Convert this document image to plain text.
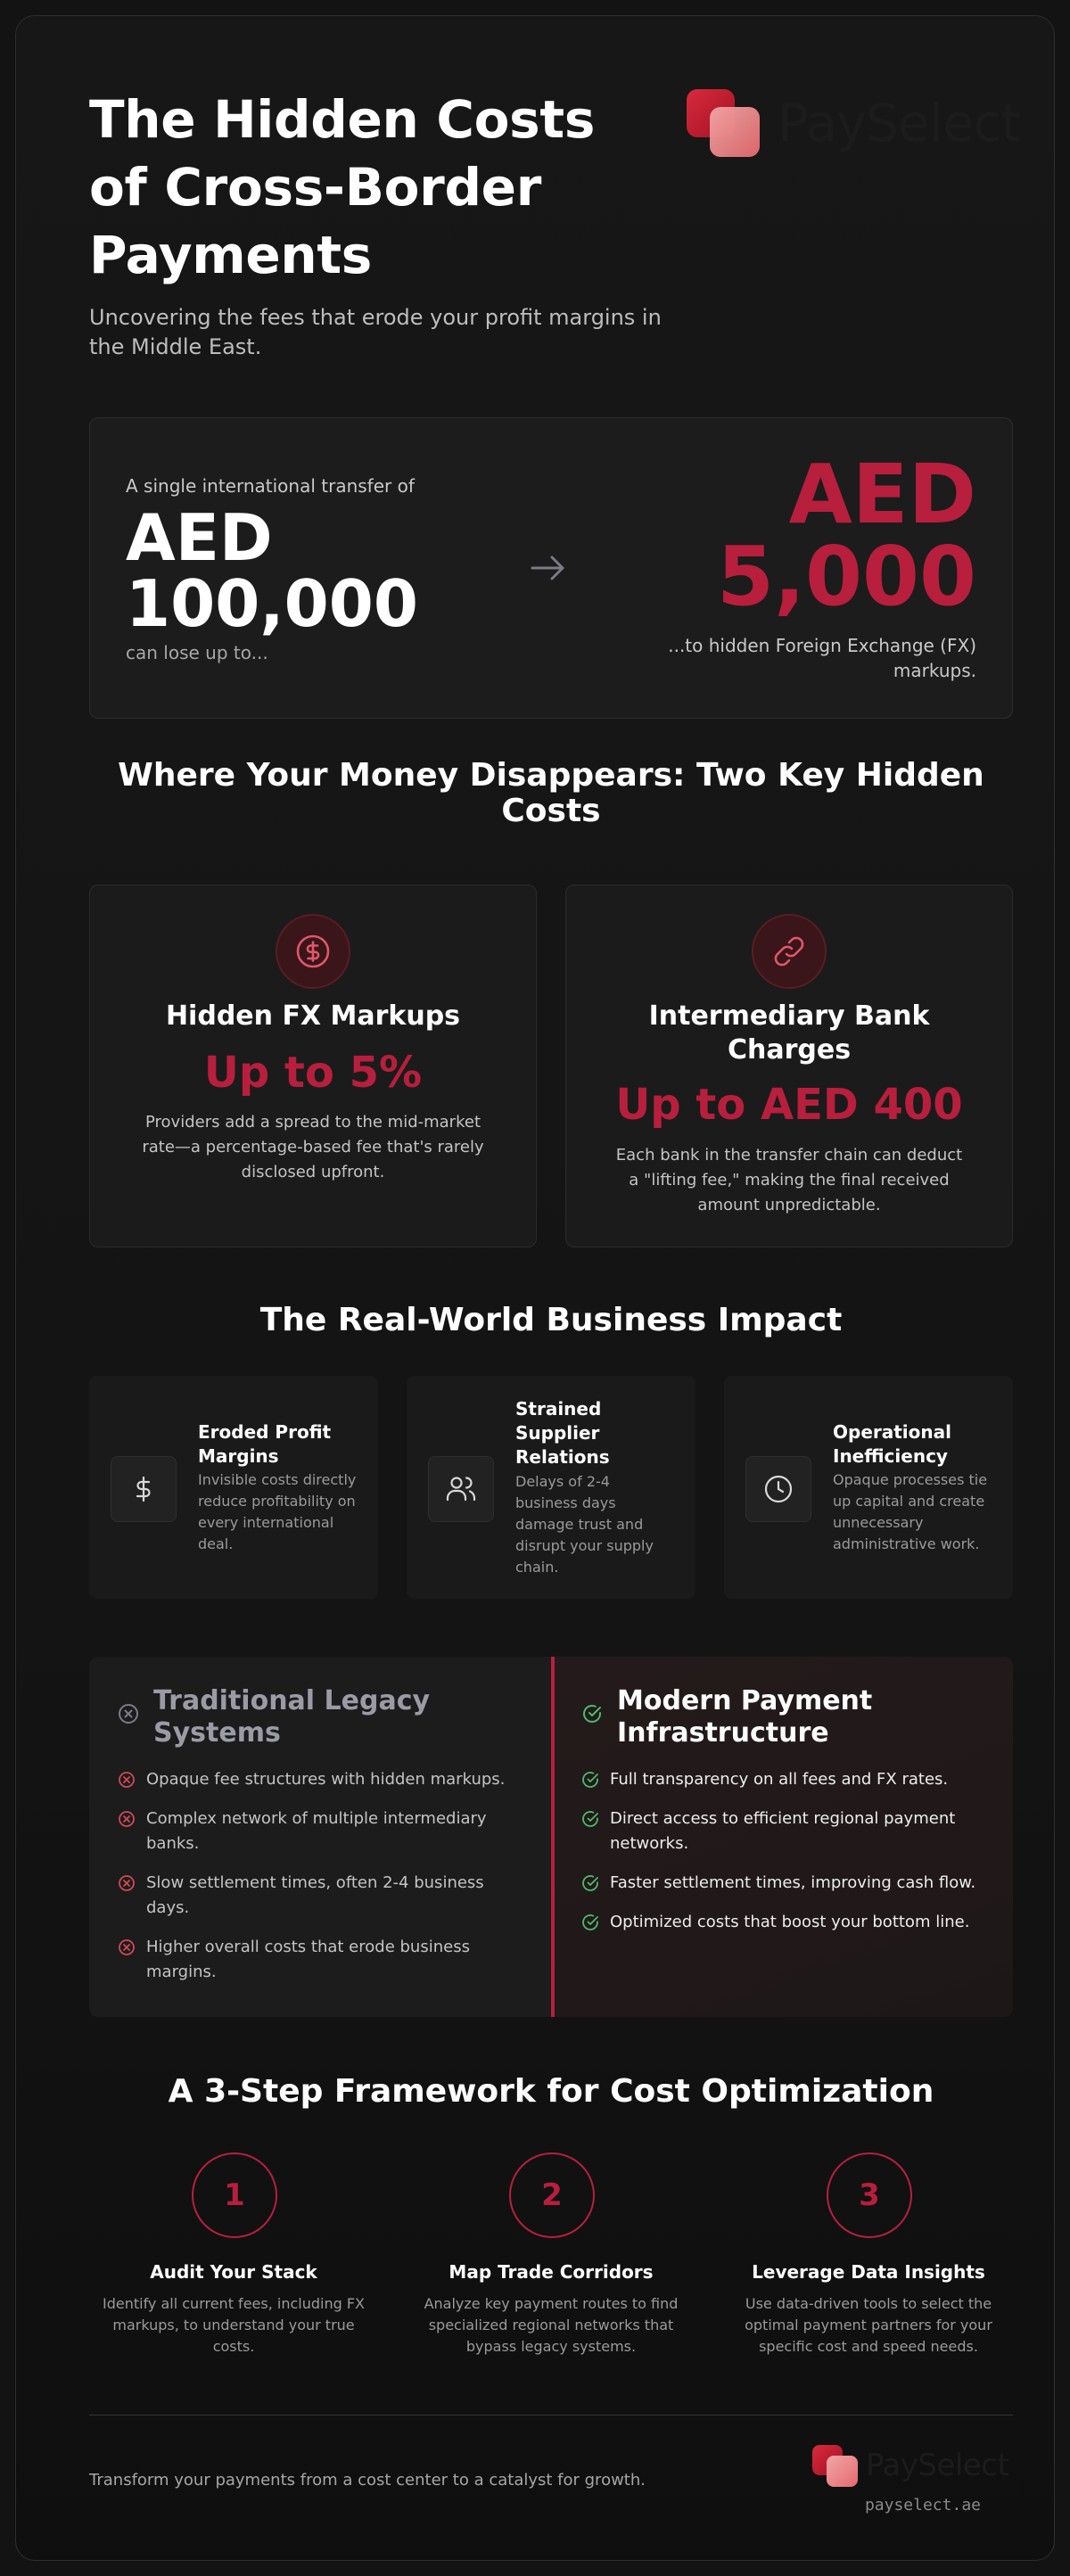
The Hidden Costs of Cross-Border Payments

Uncovering the fees that erode your profit margins in the Middle East.

PaySelect
A single international transfer of
AED 100,000
can lose up to...
AED 5,000
...to hidden Foreign Exchange (FX) markups.
Where Your Money Disappears: Two Key Hidden Costs
Hidden FX Markups
Up to 5%
Providers add a spread to the mid-market rate—a percentage-based fee that's rarely disclosed upfront.
Intermediary Bank Charges
Up to AED 400
Each bank in the transfer chain can deduct a "lifting fee," making the final received amount unpredictable.
The Real-World Business Impact
Eroded Profit Margins
Invisible costs directly reduce profitability on every international deal.
Strained Supplier Relations
Delays of 2-4 business days damage trust and disrupt your supply chain.
Operational Inefficiency
Opaque processes tie up capital and create unnecessary administrative work.
Traditional Legacy Systems
Opaque fee structures with hidden markups.
Complex network of multiple intermediary banks.
Slow settlement times, often 2-4 business days.
Higher overall costs that erode business margins.
Modern Payment Infrastructure
Full transparency on all fees and FX rates.
Direct access to efficient regional payment networks.
Faster settlement times, improving cash flow.
Optimized costs that boost your bottom line.
A 3-Step Framework for Cost Optimization
1
Audit Your Stack
Identify all current fees, including FX markups, to understand your true costs.
2
Map Trade Corridors
Analyze key payment routes to find specialized regional networks that bypass legacy systems.
3
Leverage Data Insights
Use data-driven tools to select the optimal payment partners for your specific cost and speed needs.
Transform your payments from a cost center to a catalyst for growth.	PaySelect
payselect.ae
